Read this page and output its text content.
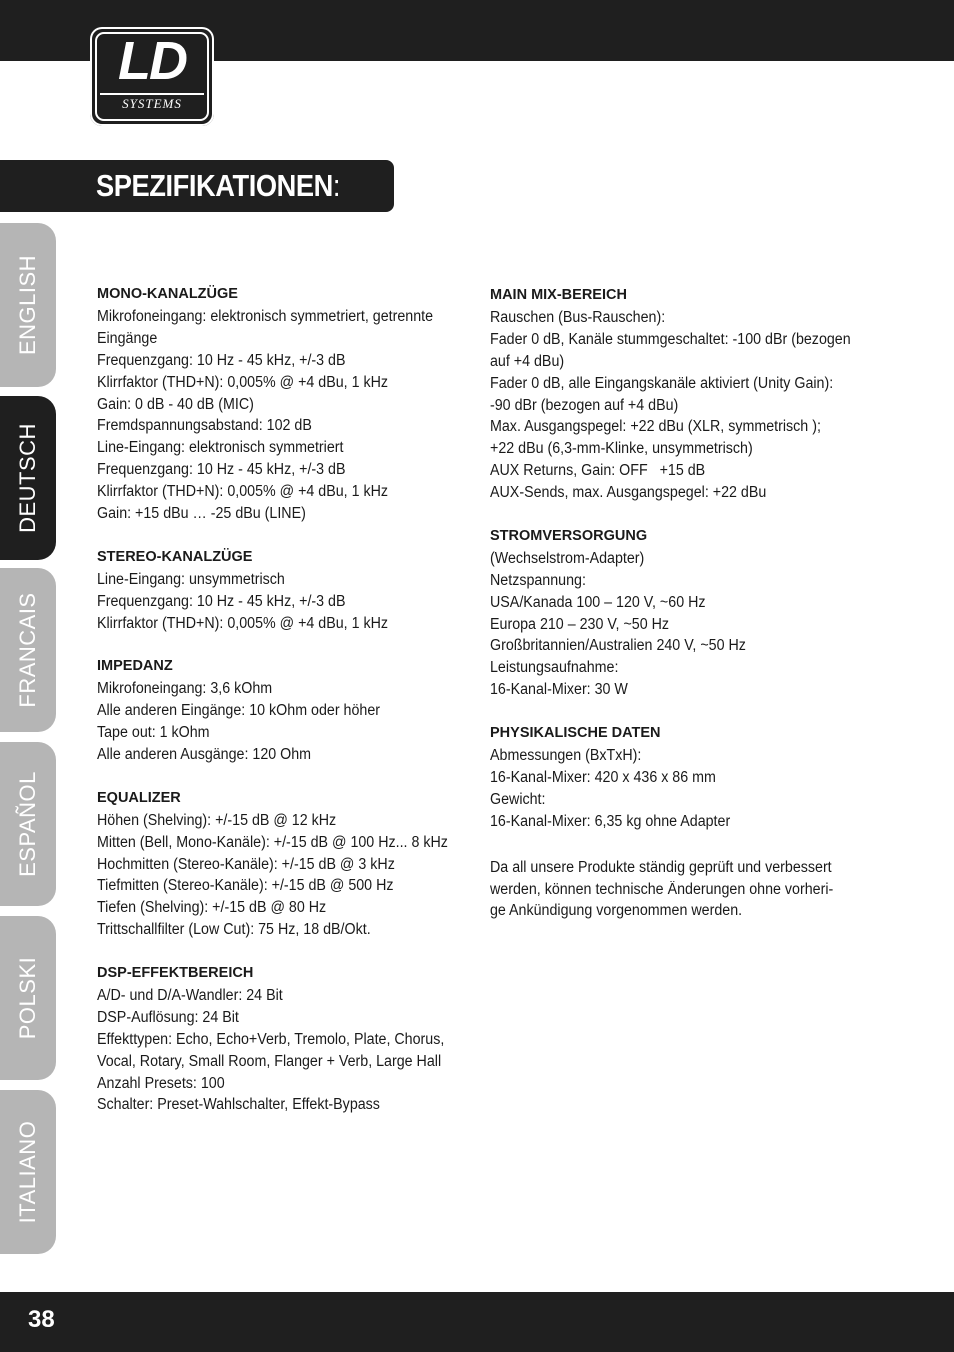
LD
SYSTEMS
SPEZIFIKATIONEN:
ENGLISH
DEUTSCH
FRANCAIS
ESPAÑOL
POLSKI
ITALIANO
MONO-KANALZÜGE
Mikrofoneingang: elektronisch symmetriert, getrennte
Eingänge
Frequenzgang: 10 Hz - 45 kHz, +/-3 dB
Klirrfaktor (THD+N): 0,005% @ +4 dBu, 1 kHz
Gain: 0 dB - 40 dB (MIC)
Fremdspannungsabstand: 102 dB
Line-Eingang: elektronisch symmetriert
Frequenzgang: 10 Hz - 45 kHz, +/-3 dB
Klirrfaktor (THD+N): 0,005% @ +4 dBu, 1 kHz
Gain: +15 dBu … -25 dBu (LINE)
STEREO-KANALZÜGE
Line-Eingang: unsymmetrisch
Frequenzgang: 10 Hz - 45 kHz, +/-3 dB
Klirrfaktor (THD+N): 0,005% @ +4 dBu, 1 kHz
IMPEDANZ
Mikrofoneingang: 3,6 kOhm
Alle anderen Eingänge: 10 kOhm oder höher
Tape out: 1 kOhm
Alle anderen Ausgänge: 120 Ohm
EQUALIZER
Höhen (Shelving): +/-15 dB @ 12 kHz
Mitten (Bell, Mono-Kanäle): +/-15 dB @ 100 Hz... 8 kHz
Hochmitten (Stereo-Kanäle): +/-15 dB @ 3 kHz
Tiefmitten (Stereo-Kanäle): +/-15 dB @ 500 Hz
Tiefen (Shelving): +/-15 dB @ 80 Hz
Trittschallfilter (Low Cut): 75 Hz, 18 dB/Okt.
DSP-EFFEKTBEREICH
A/D- und D/A-Wandler: 24 Bit
DSP-Auflösung: 24 Bit
Effekttypen: Echo, Echo+Verb, Tremolo, Plate, Chorus,
Vocal, Rotary, Small Room, Flanger + Verb, Large Hall
Anzahl Presets: 100
Schalter: Preset-Wahlschalter, Effekt-Bypass
MAIN MIX-BEREICH
Rauschen (Bus-Rauschen):
Fader 0 dB, Kanäle stummgeschaltet: -100 dBr (bezogen
auf +4 dBu)
Fader 0 dB, alle Eingangskanäle aktiviert (Unity Gain):
-90 dBr (bezogen auf +4 dBu)
Max. Ausgangspegel: +22 dBu (XLR, symmetrisch );
+22 dBu (6,3-mm-Klinke, unsymmetrisch)
AUX Returns, Gain: OFF   +15 dB
AUX-Sends, max. Ausgangspegel: +22 dBu
STROMVERSORGUNG
(Wechselstrom-Adapter)
Netzspannung:
USA/Kanada 100 – 120 V, ~60 Hz
Europa 210 – 230 V, ~50 Hz
Großbritannien/Australien 240 V, ~50 Hz
Leistungsaufnahme:
16-Kanal-Mixer: 30 W
PHYSIKALISCHE DATEN
Abmessungen (BxTxH):
16-Kanal-Mixer: 420 x 436 x 86 mm
Gewicht:
16-Kanal-Mixer: 6,35 kg ohne Adapter
Da all unsere Produkte ständig geprüft und verbessert
werden, können technische Änderungen ohne vorheri-
ge Ankündigung vorgenommen werden.
38
